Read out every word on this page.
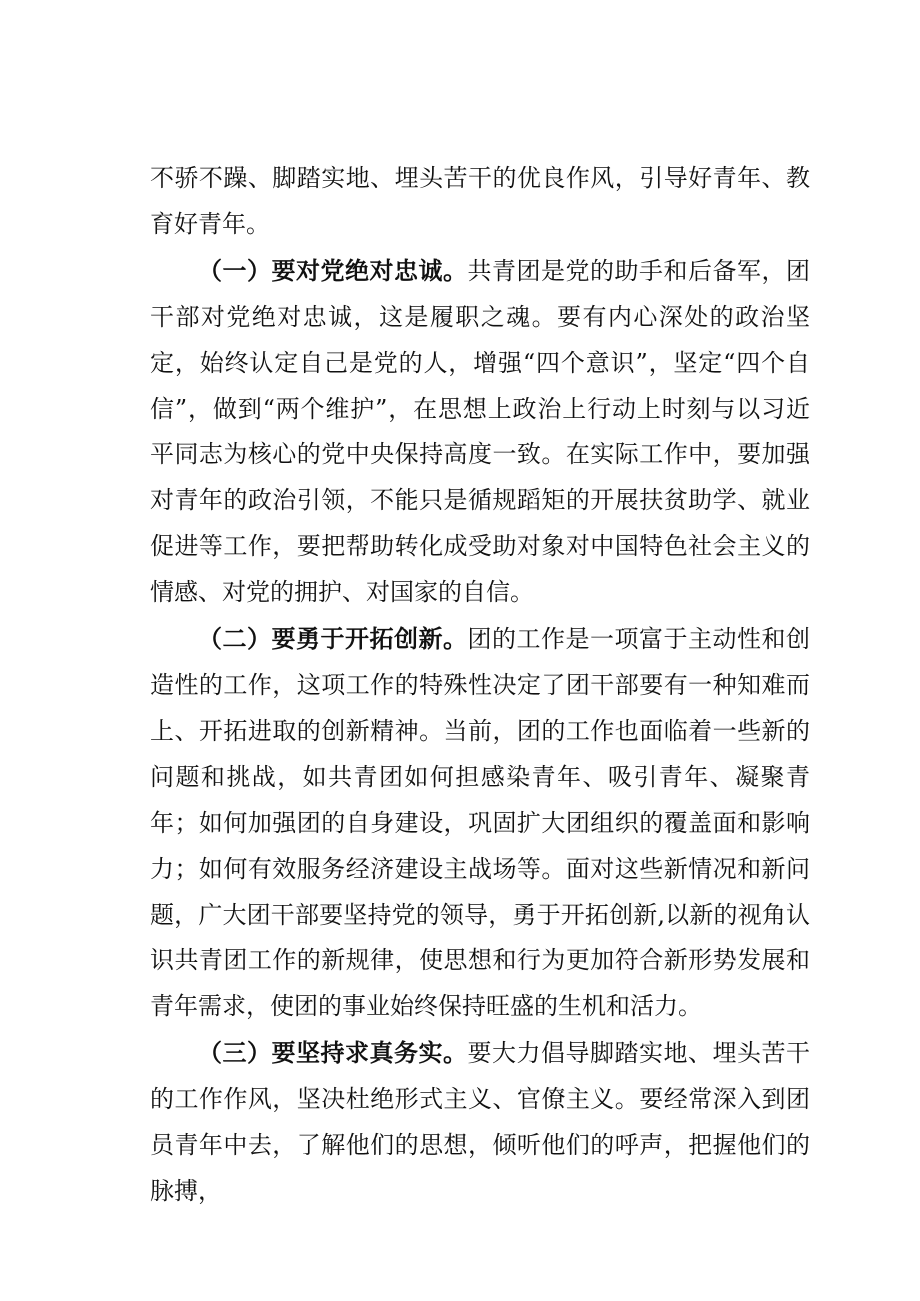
不骄不躁、脚踏实地、埋头苦干的优良作风，引导好青年、教育好青年。

（一）要对党绝对忠诚。共青团是党的助手和后备军，团干部对党绝对忠诚，这是履职之魂。要有内心深处的政治坚定，始终认定自己是党的人，增强“四个意识”，坚定“四个自信”，做到“两个维护”，在思想上政治上行动上时刻与以习近平同志为核心的党中央保持高度一致。在实际工作中，要加强对青年的政治引领，不能只是循规蹈矩的开展扶贫助学、就业促进等工作，要把帮助转化成受助对象对中国特色社会主义的情感、对党的拥护、对国家的自信。

（二）要勇于开拓创新。团的工作是一项富于主动性和创造性的工作，这项工作的特殊性决定了团干部要有一种知难而上、开拓进取的创新精神。当前，团的工作也面临着一些新的问题和挑战，如共青团如何担感染青年、吸引青年、凝聚青年；如何加强团的自身建设，巩固扩大团组织的覆盖面和影响力；如何有效服务经济建设主战场等。面对这些新情况和新问题，广大团干部要坚持党的领导，勇于开拓创新,以新的视角认识共青团工作的新规律，使思想和行为更加符合新形势发展和青年需求，使团的事业始终保持旺盛的生机和活力。

（三）要坚持求真务实。要大力倡导脚踏实地、埋头苦干的工作作风，坚决杜绝形式主义、官僚主义。要经常深入到团员青年中去，了解他们的思想，倾听他们的呼声，把握他们的脉搏，
